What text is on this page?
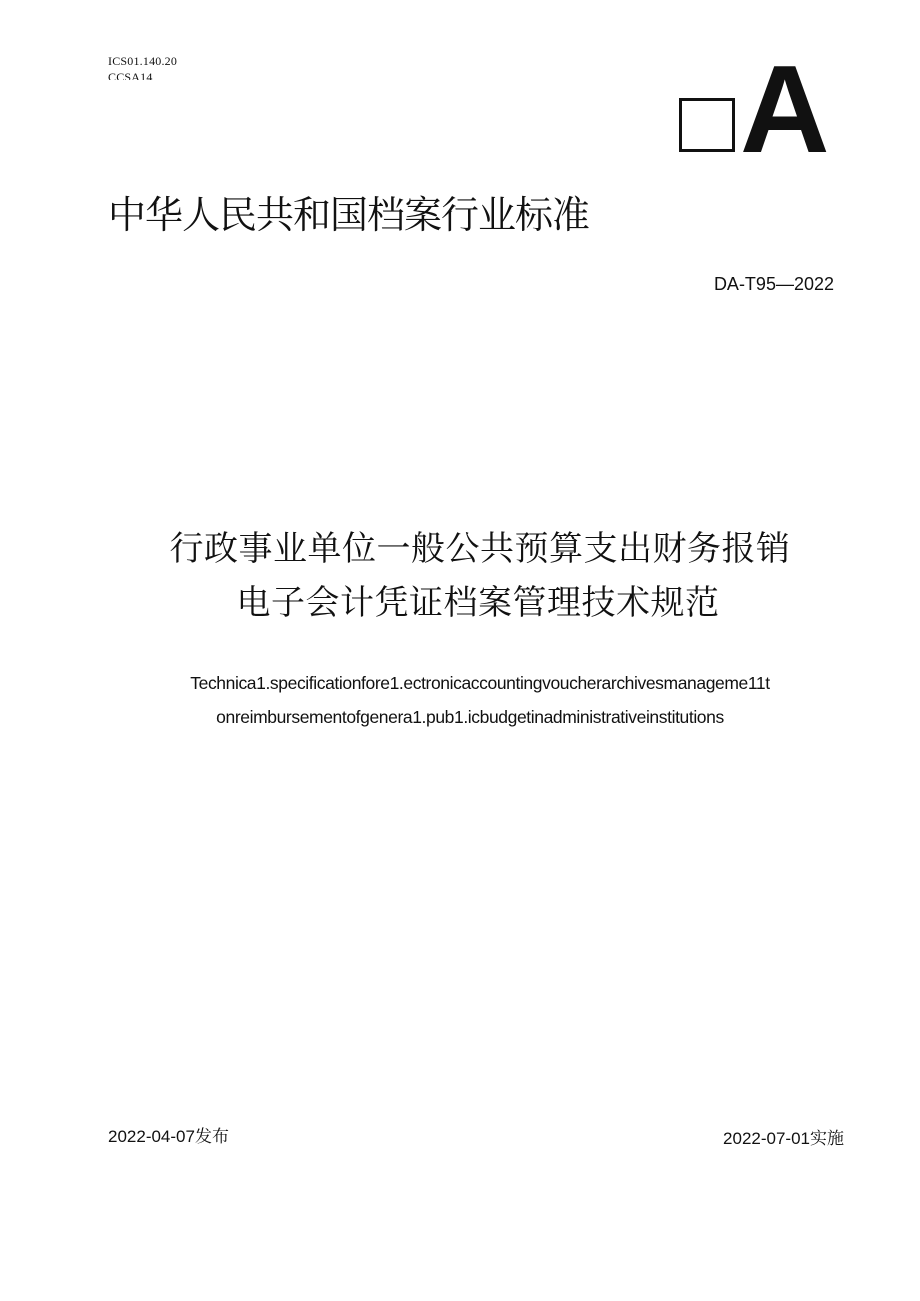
ICS01.140.20
CCSA14	A
中华人民共和国档案行业标准
DA-T95—2022
行政事业单位一般公共预算支出财务报销
电子会计凭证档案管理技术规范
Technica1.specificationfore1.ectronicaccountingvoucherarchivesmanageme11t
onreimbursementofgenera1.pub1.icbudgetinadministrativeinstitutions
2022-04-07发布	2022-07-01实施
